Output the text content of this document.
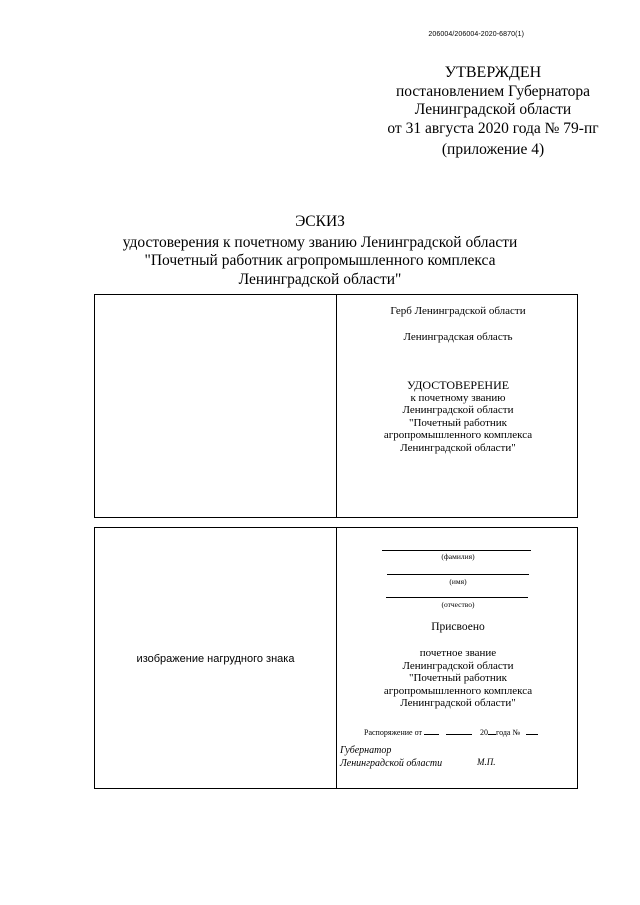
206004/206004-2020-6870(1)
УТВЕРЖДЕН
постановлением Губернатора
Ленинградской области
от 31 августа 2020 года № 79-пг
(приложение 4)
ЭСКИЗ
удостоверения к почетному званию Ленинградской области
"Почетный работник агропромышленного комплекса
Ленинградской области"
Герб Ленинградской области
Ленинградская область
УДОСТОВЕРЕНИЕ
к почетному званию
Ленинградской области
"Почетный работник
агропромышленного комплекса
Ленинградской области"
изображение нагрудного знака
(фамилия)
(имя)
(отчество)
Присвоено
почетное звание
Ленинградской области
"Почетный работник
агропромышленного комплекса
Ленинградской области"
Распоряжение от	20 года №
Губернатор
Ленинградской области	М.П.
